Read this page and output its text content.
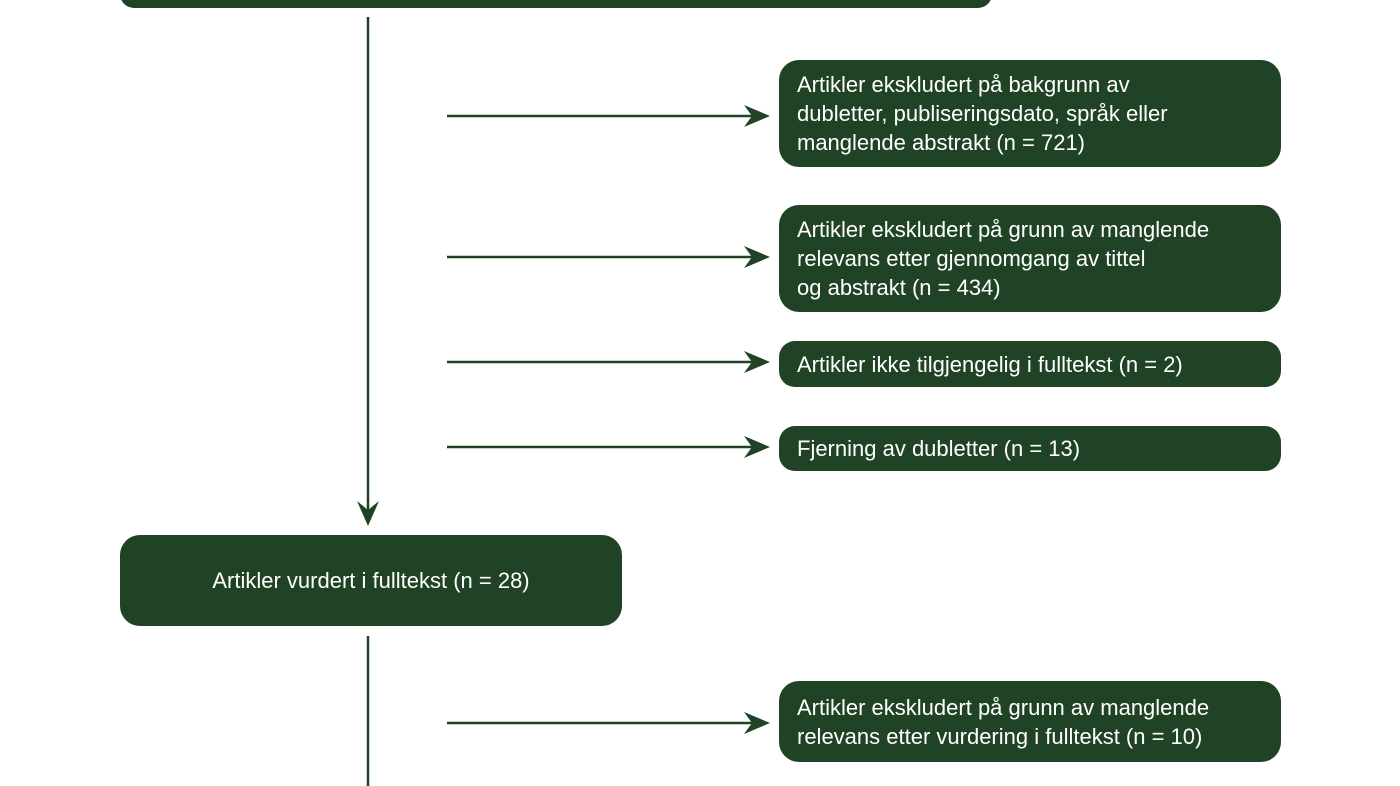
Artikler ekskludert på bakgrunn av
dubletter, publiseringsdato, språk eller
manglende abstrakt (n = 721)
Artikler ekskludert på grunn av manglende
relevans etter gjennomgang av tittel
og abstrakt (n = 434)
Artikler ikke tilgjengelig i fulltekst (n = 2)
Fjerning av dubletter (n = 13)
Artikler vurdert i fulltekst (n = 28)
Artikler ekskludert på grunn av manglende
relevans etter vurdering i fulltekst (n = 10)
